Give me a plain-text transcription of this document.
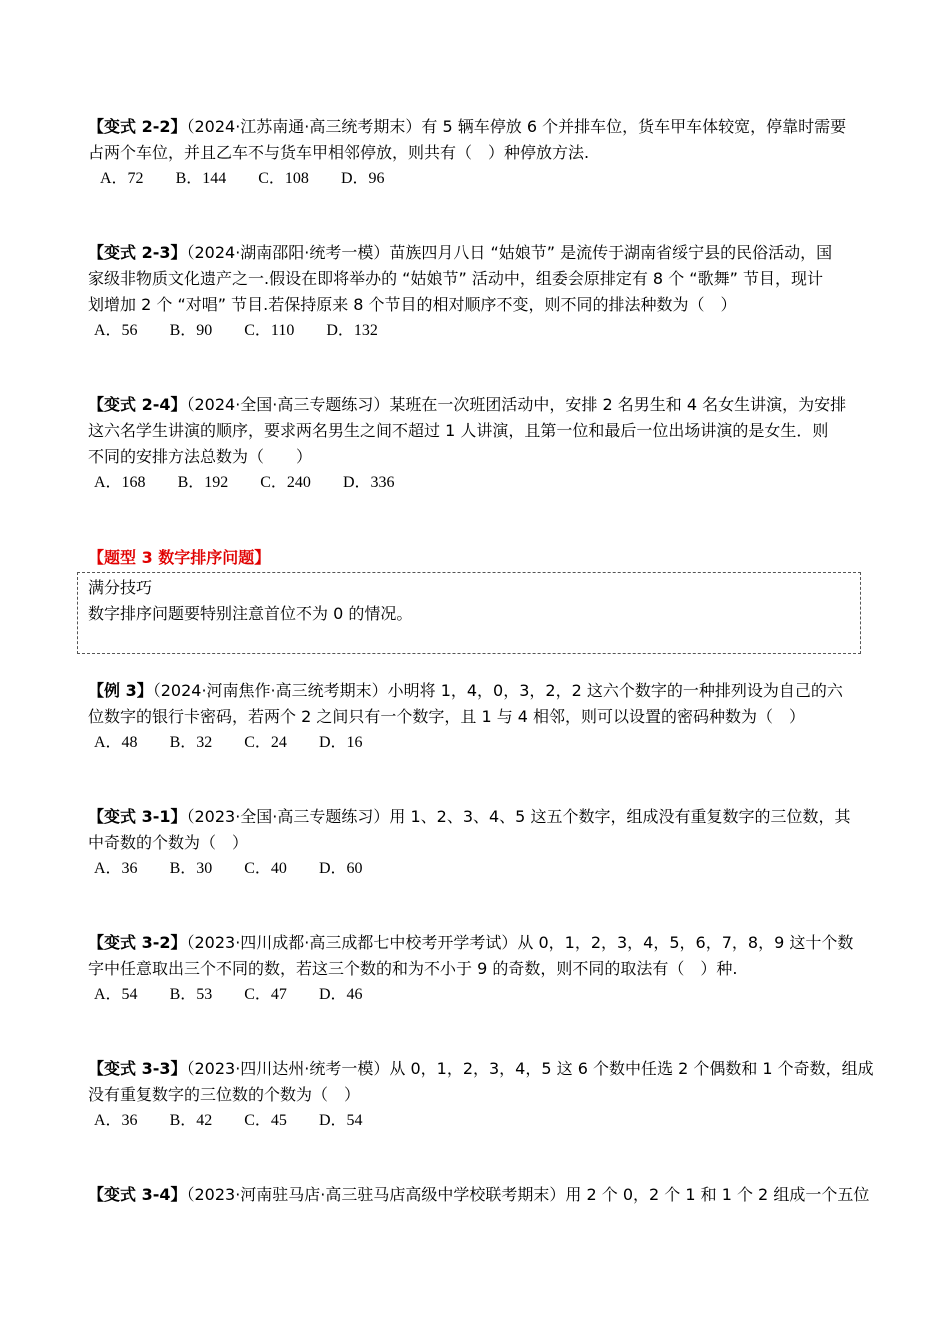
【变式 2-2】（2024·江苏南通·高三统考期末）有 5 辆车停放 6 个并排车位，货车甲车体较宽，停靠时需要
占两个车位，并且乙车不与货车甲相邻停放，则共有（　）种停放方法.
A．72 B．144 C．108 D．96
【变式 2-3】（2024·湖南邵阳·统考一模）苗族四月八日 “姑娘节” 是流传于湖南省绥宁县的民俗活动，国
家级非物质文化遗产之一.假设在即将举办的 “姑娘节” 活动中，组委会原排定有 8 个 “歌舞” 节目，现计
划增加 2 个 “对唱” 节目.若保持原来 8 个节目的相对顺序不变，则不同的排法种数为（　）
A．56 B．90 C．110 D．132
【变式 2-4】（2024·全国·高三专题练习）某班在一次班团活动中，安排 2 名男生和 4 名女生讲演，为安排
这六名学生讲演的顺序，要求两名男生之间不超过 1 人讲演，且第一位和最后一位出场讲演的是女生．则
不同的安排方法总数为（　　）
A．168 B．192 C．240 D．336
【题型 3 数字排序问题】
满分技巧
数字排序问题要特别注意首位不为 0 的情况。
【例 3】（2024·河南焦作·高三统考期末）小明将 1，4，0，3，2，2 这六个数字的一种排列设为自己的六
位数字的银行卡密码，若两个 2 之间只有一个数字，且 1 与 4 相邻，则可以设置的密码种数为（　）
A．48 B．32 C．24 D．16
【变式 3-1】（2023·全国·高三专题练习）用 1、2、3、4、5 这五个数字，组成没有重复数字的三位数，其
中奇数的个数为（　）
A．36 B．30 C．40 D．60
【变式 3-2】（2023·四川成都·高三成都七中校考开学考试）从 0，1，2，3，4，5，6，7，8，9 这十个数
字中任意取出三个不同的数，若这三个数的和为不小于 9 的奇数，则不同的取法有（　）种.
A．54 B．53 C．47 D．46
【变式 3-3】（2023·四川达州·统考一模）从 0，1，2，3，4，5 这 6 个数中任选 2 个偶数和 1 个奇数，组成
没有重复数字的三位数的个数为（　）
A．36 B．42 C．45 D．54
【变式 3-4】（2023·河南驻马店·高三驻马店高级中学校联考期末）用 2 个 0，2 个 1 和 1 个 2 组成一个五位
